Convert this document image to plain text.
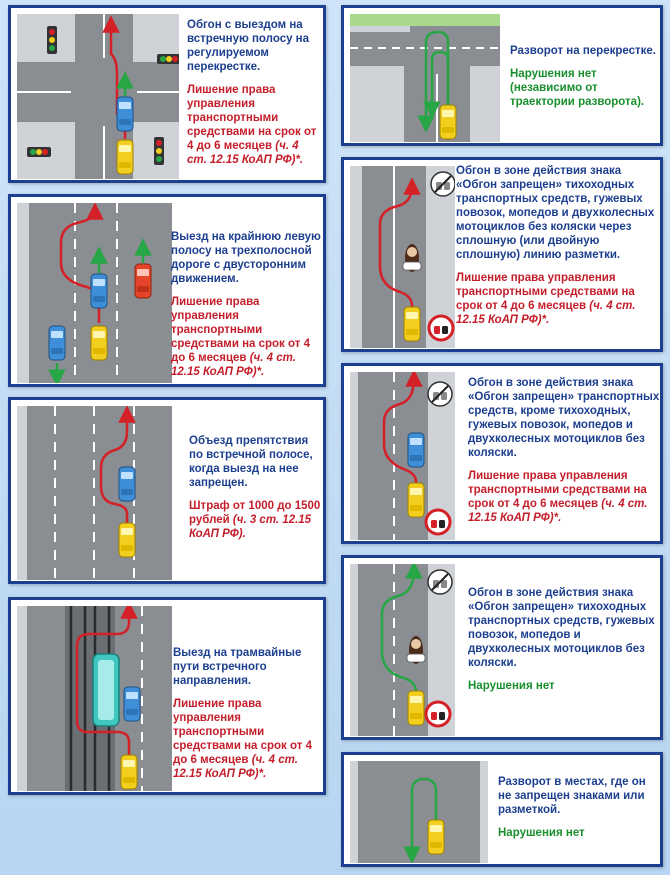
Обгон с выездом на встречную полосу на регулируемом перекрестке.
Лишение права управления транспортными средствами на срок от 4 до 6 месяцев (ч. 4 ст. 12.15 КоАП РФ)*.
Разворот на перекрестке.
Нарушения нет (независимо от траектории разворота).
Выезд на крайнюю левую полосу на трехполосной дороге с двусторонним движением.
Лишение права управления транспортными средствами на срок от 4 до 6 месяцев (ч. 4 ст. 12.15 КоАП РФ)*.
Обгон в зоне действия знака «Обгон запрещен» тихоходных транспортных средств, гужевых повозок, мопедов и двухколесных мотоциклов без коляски через сплошную (или двойную сплошную) линию разметки.
Лишение права управления транспортными средствами на срок от 4 до 6 месяцев (ч. 4 ст. 12.15 КоАП РФ)*.
Объезд препятствия по встречной полосе, когда выезд на нее запрещен.
Штраф от 1000 до 1500 рублей (ч. 3 ст. 12.15 КоАП РФ).
Обгон в зоне действия знака «Обгон запрещен» транспортных средств, кроме тихоходных, гужевых повозок, мопедов и двухколесных мотоциклов без коляски.
Лишение права управления транспортными средствами на срок от 4 до 6 месяцев (ч. 4 ст. 12.15 КоАП РФ)*.
Выезд на трамвайные пути встречного направления.
Лишение права управления транспортными средствами на срок от 4 до 6 месяцев (ч. 4 ст. 12.15 КоАП РФ)*.
Обгон в зоне действия знака «Обгон запрещен» тихоходных транспортных средств, гужевых повозок, мопедов и двухколесных мотоциклов без коляски.
Нарушения нет
Разворот в местах, где он не запрещен знаками или разметкой.
Нарушения нет
